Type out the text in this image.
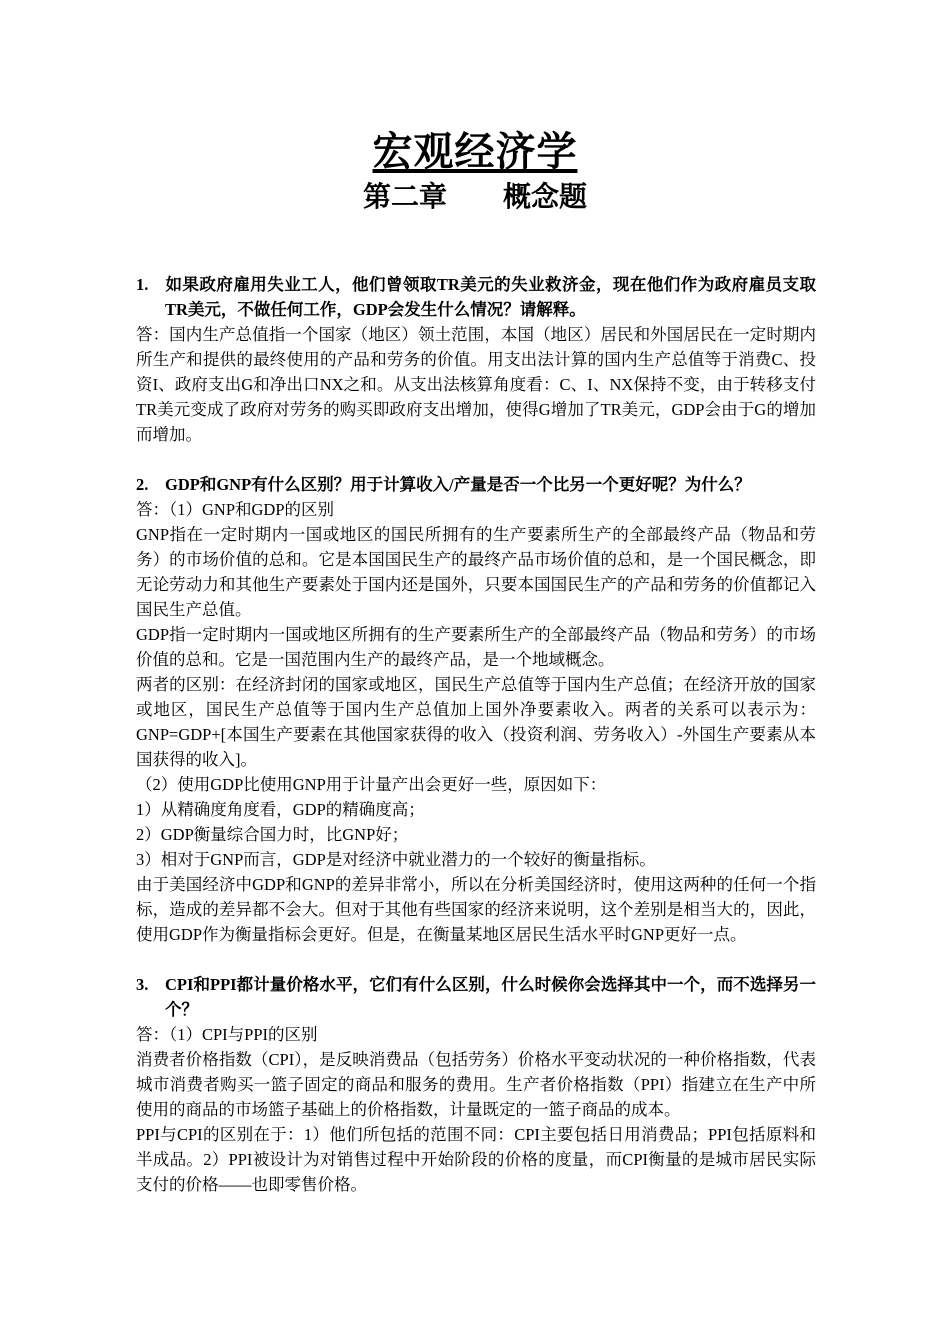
宏观经济学
第二章　　概念题

1. 如果政府雇用失业工人，他们曾领取TR美元的失业救济金，现在他们作为政府雇员支取TR美元，不做任何工作，GDP会发生什么情况？请解释。

答：国内生产总值指一个国家（地区）领土范围，本国（地区）居民和外国居民在一定时期内所生产和提供的最终使用的产品和劳务的价值。用支出法计算的国内生产总值等于消费C、投资I、政府支出G和净出口NX之和。从支出法核算角度看：C、I、NX保持不变，由于转移支付TR美元变成了政府对劳务的购买即政府支出增加，使得G增加了TR美元，GDP会由于G的增加而增加。

2. GDP和GNP有什么区别？用于计算收入/产量是否一个比另一个更好呢？为什么？

答：（1）GNP和GDP的区别

GNP指在一定时期内一国或地区的国民所拥有的生产要素所生产的全部最终产品（物品和劳务）的市场价值的总和。它是本国国民生产的最终产品市场价值的总和，是一个国民概念，即无论劳动力和其他生产要素处于国内还是国外，只要本国国民生产的产品和劳务的价值都记入国民生产总值。

GDP指一定时期内一国或地区所拥有的生产要素所生产的全部最终产品（物品和劳务）的市场价值的总和。它是一国范围内生产的最终产品，是一个地域概念。

两者的区别：在经济封闭的国家或地区，国民生产总值等于国内生产总值；在经济开放的国家或地区，国民生产总值等于国内生产总值加上国外净要素收入。两者的关系可以表示为：GNP=GDP+[本国生产要素在其他国家获得的收入（投资利润、劳务收入）-外国生产要素从本国获得的收入]。

（2）使用GDP比使用GNP用于计量产出会更好一些，原因如下：

1）从精确度角度看，GDP的精确度高；

2）GDP衡量综合国力时，比GNP好；

3）相对于GNP而言，GDP是对经济中就业潜力的一个较好的衡量指标。

由于美国经济中GDP和GNP的差异非常小，所以在分析美国经济时，使用这两种的任何一个指标，造成的差异都不会大。但对于其他有些国家的经济来说明，这个差别是相当大的，因此，使用GDP作为衡量指标会更好。但是，在衡量某地区居民生活水平时GNP更好一点。

3. CPI和PPI都计量价格水平，它们有什么区别，什么时候你会选择其中一个，而不选择另一个？

答：（1）CPI与PPI的区别

消费者价格指数（CPI），是反映消费品（包括劳务）价格水平变动状况的一种价格指数，代表城市消费者购买一篮子固定的商品和服务的费用。生产者价格指数（PPI）指建立在生产中所使用的商品的市场篮子基础上的价格指数，计量既定的一篮子商品的成本。

PPI与CPI的区别在于：1）他们所包括的范围不同：CPI主要包括日用消费品；PPI包括原料和半成品。2）PPI被设计为对销售过程中开始阶段的价格的度量，而CPI衡量的是城市居民实际支付的价格——也即零售价格。
